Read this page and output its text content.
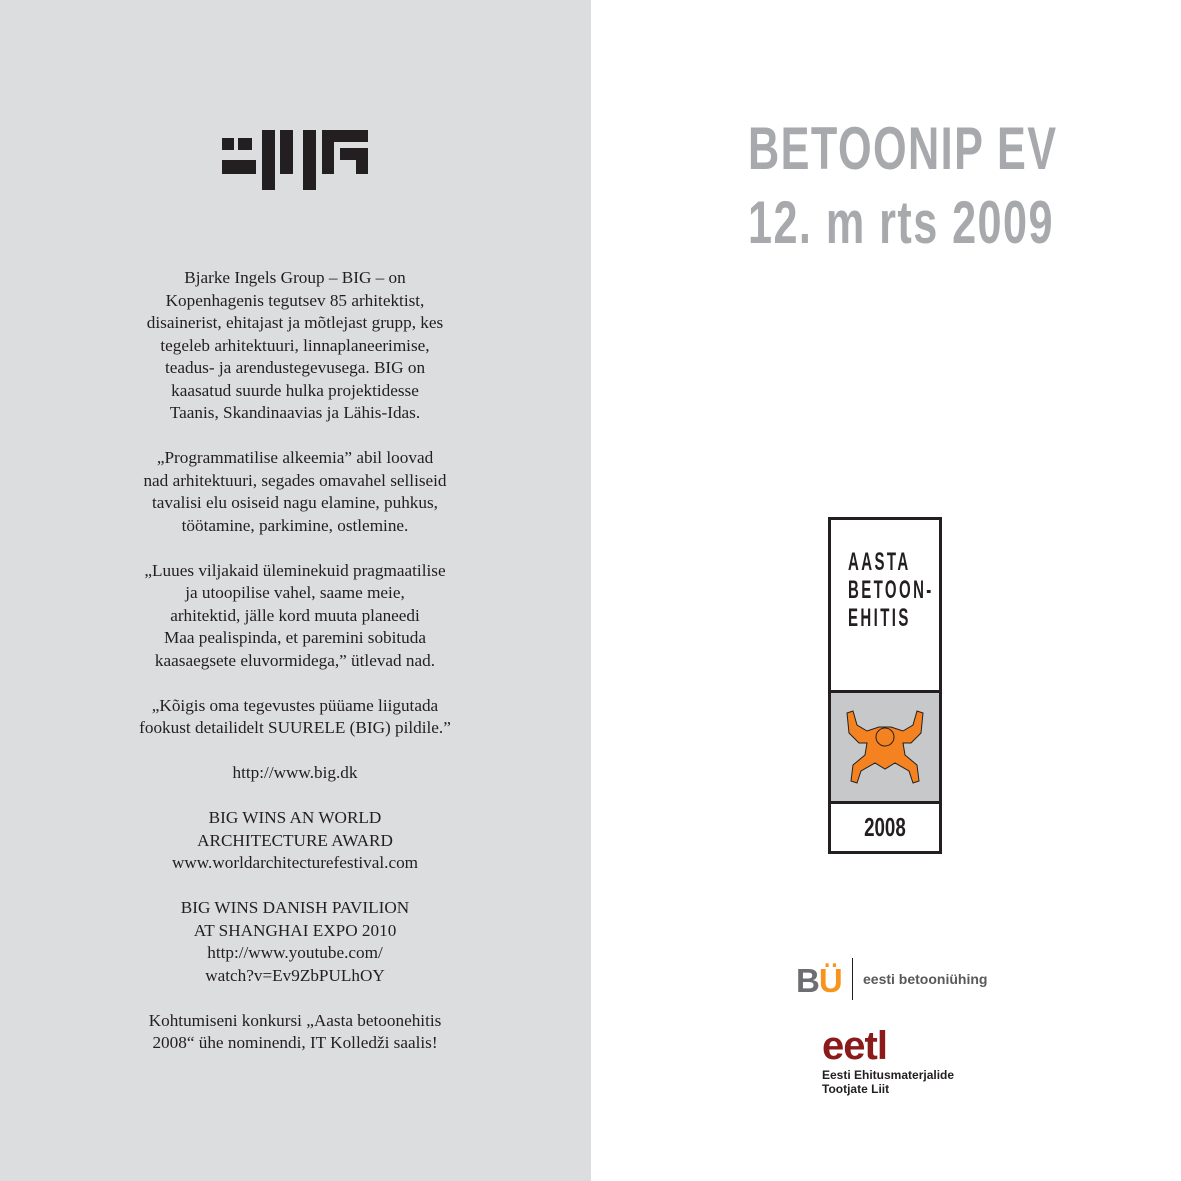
Bjarke Ingels Group – BIG – on
Kopenhagenis tegutsev 85 arhitektist,
disainerist, ehitajast ja mõtlejast grupp, kes
tegeleb arhitektuuri, linnaplaneerimise,
teadus- ja arendustegevusega. BIG on
kaasatud suurde hulka projektidesse
Taanis, Skandinaavias ja Lähis-Idas.

„Programmatilise alkeemia” abil loovad
nad arhitektuuri, segades omavahel selliseid
tavalisi elu osiseid nagu elamine, puhkus,
töötamine, parkimine, ostlemine.

„Luues viljakaid üleminekuid pragmaatilise
ja utoopilise vahel, saame meie,
arhitektid, jälle kord muuta planeedi
Maa pealispinda, et paremini sobituda
kaasaegsete eluvormidega,” ütlevad nad.

„Kõigis oma tegevustes püüame liigutada
fookust detailidelt SUURELE (BIG) pildile.”

http://www.big.dk

BIG WINS AN WORLD
ARCHITECTURE AWARD
www.worldarchitecturefestival.com

BIG WINS DANISH PAVILION
AT SHANGHAI EXPO 2010
http://www.youtube.com/
watch?v=Ev9ZbPULhOY

Kohtumiseni konkursi „Aasta betoonehitis
2008“ ühe nominendi, IT Kolledži saalis!

BETOONIP EV
12. m rts 2009
AASTA
BETOON-
EHITIS
2008
BÜ eesti betooniühing
eetl
Eesti Ehitusmaterjalide
Tootjate Liit
